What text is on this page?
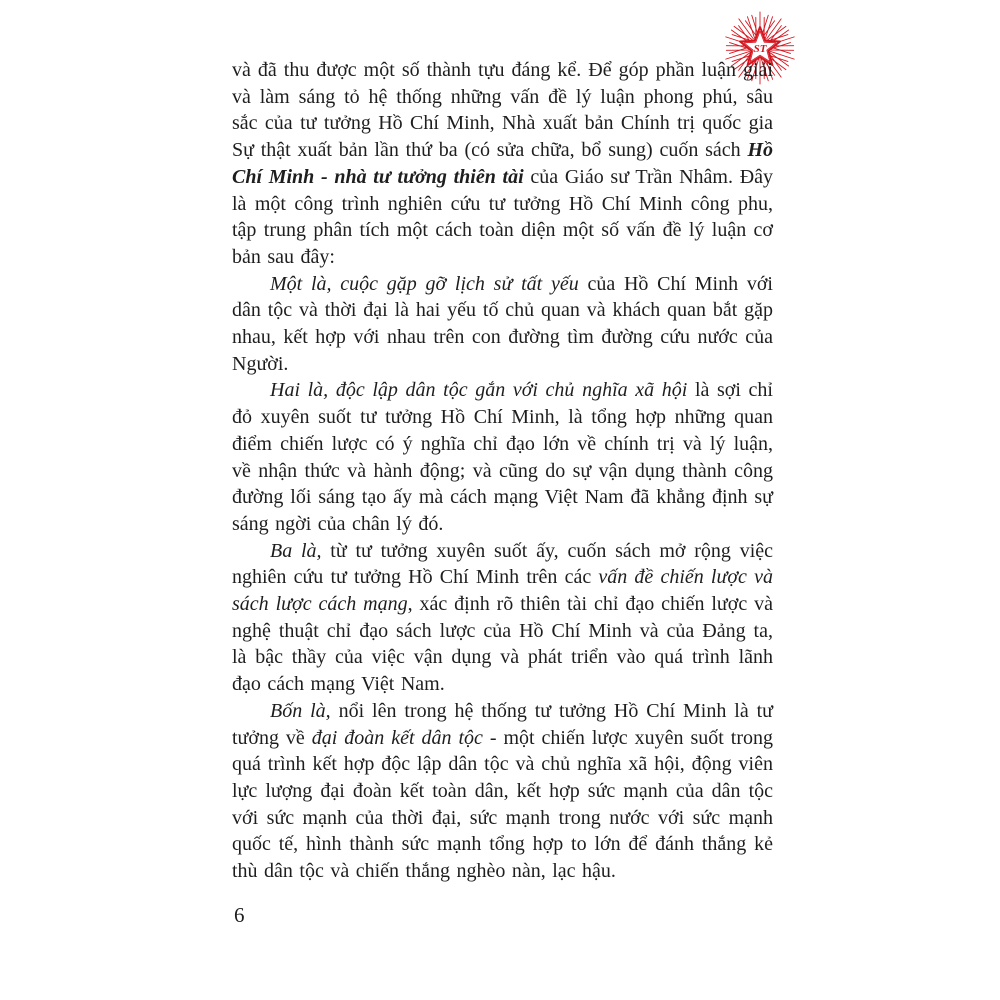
ST

và đã thu được một số thành tựu đáng kể. Để góp phần luận giải và làm sáng tỏ hệ thống những vấn đề lý luận phong phú, sâu sắc của tư tưởng Hồ Chí Minh, Nhà xuất bản Chính trị quốc gia Sự thật xuất bản lần thứ ba (có sửa chữa, bổ sung) cuốn sách Hồ Chí Minh - nhà tư tưởng thiên tài của Giáo sư Trần Nhâm. Đây là một công trình nghiên cứu tư tưởng Hồ Chí Minh công phu, tập trung phân tích một cách toàn diện một số vấn đề lý luận cơ bản sau đây:

Một là, cuộc gặp gỡ lịch sử tất yếu của Hồ Chí Minh với dân tộc và thời đại là hai yếu tố chủ quan và khách quan bắt gặp nhau, kết hợp với nhau trên con đường tìm đường cứu nước của Người.

Hai là, độc lập dân tộc gắn với chủ nghĩa xã hội là sợi chỉ đỏ xuyên suốt tư tưởng Hồ Chí Minh, là tổng hợp những quan điểm chiến lược có ý nghĩa chỉ đạo lớn về chính trị và lý luận, về nhận thức và hành động; và cũng do sự vận dụng thành công đường lối sáng tạo ấy mà cách mạng Việt Nam đã khẳng định sự sáng ngời của chân lý đó.

Ba là, từ tư tưởng xuyên suốt ấy, cuốn sách mở rộng việc nghiên cứu tư tưởng Hồ Chí Minh trên các vấn đề chiến lược và sách lược cách mạng, xác định rõ thiên tài chỉ đạo chiến lược và nghệ thuật chỉ đạo sách lược của Hồ Chí Minh và của Đảng ta, là bậc thầy của việc vận dụng và phát triển vào quá trình lãnh đạo cách mạng Việt Nam.

Bốn là, nổi lên trong hệ thống tư tưởng Hồ Chí Minh là tư tưởng về đại đoàn kết dân tộc - một chiến lược xuyên suốt trong quá trình kết hợp độc lập dân tộc và chủ nghĩa xã hội, động viên lực lượng đại đoàn kết toàn dân, kết hợp sức mạnh của dân tộc với sức mạnh của thời đại, sức mạnh trong nước với sức mạnh quốc tế, hình thành sức mạnh tổng hợp to lớn để đánh thắng kẻ thù dân tộc và chiến thắng nghèo nàn, lạc hậu.

6
